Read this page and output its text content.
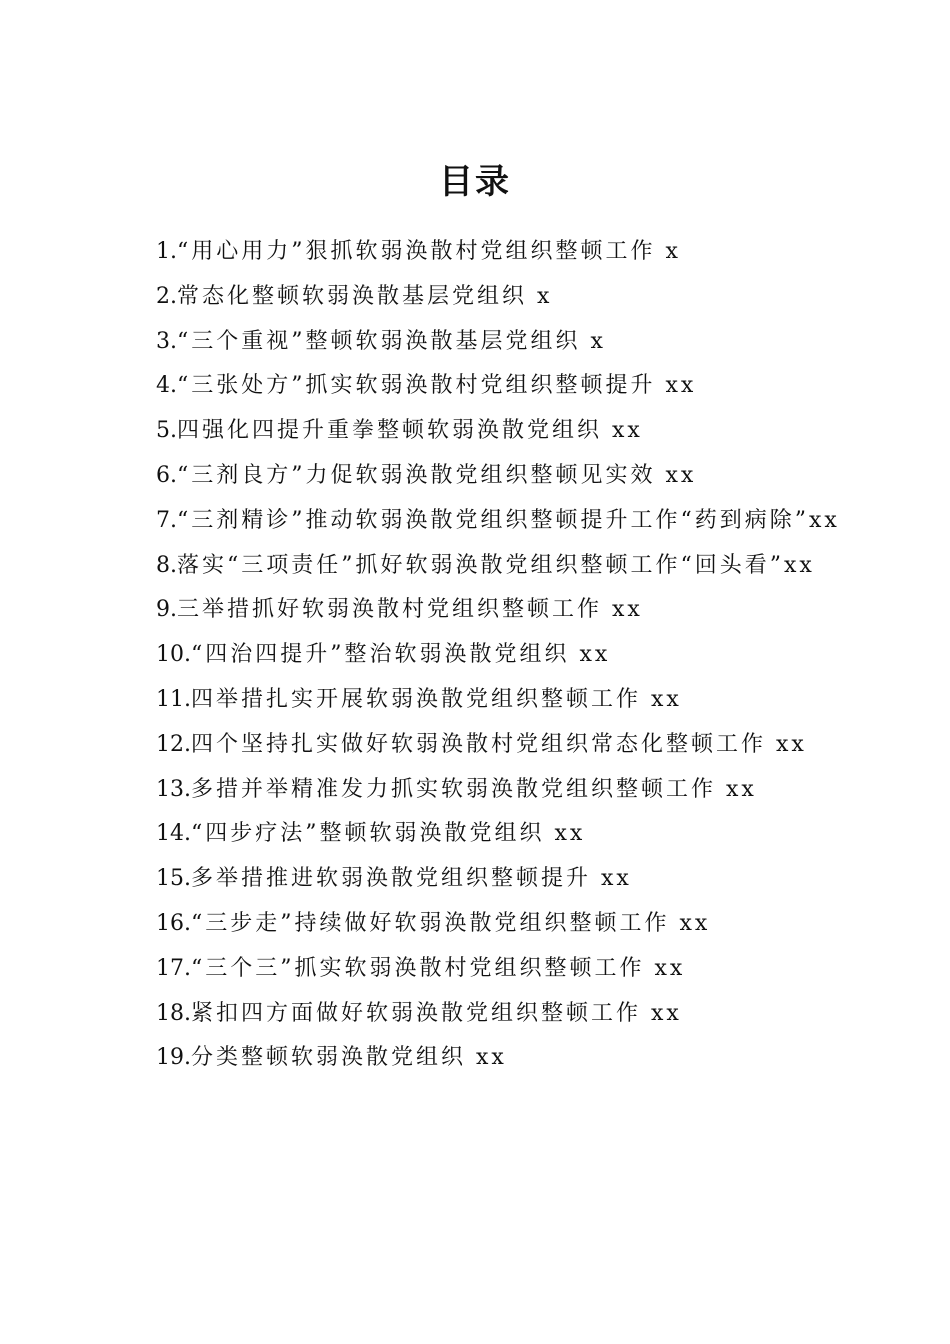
目录
1.“用心用力”狠抓软弱涣散村党组织整顿工作 x
2.常态化整顿软弱涣散基层党组织 x
3.“三个重视”整顿软弱涣散基层党组织 x
4.“三张处方”抓实软弱涣散村党组织整顿提升 xx
5.四强化四提升重拳整顿软弱涣散党组织 xx
6.“三剂良方”力促软弱涣散党组织整顿见实效 xx
7.“三剂精诊”推动软弱涣散党组织整顿提升工作“药到病除”xx
8.落实“三项责任”抓好软弱涣散党组织整顿工作“回头看”xx
9.三举措抓好软弱涣散村党组织整顿工作 xx
10.“四治四提升”整治软弱涣散党组织 xx
11.四举措扎实开展软弱涣散党组织整顿工作 xx
12.四个坚持扎实做好软弱涣散村党组织常态化整顿工作 xx
13.多措并举精准发力抓实软弱涣散党组织整顿工作 xx
14.“四步疗法”整顿软弱涣散党组织 xx
15.多举措推进软弱涣散党组织整顿提升 xx
16.“三步走”持续做好软弱涣散党组织整顿工作 xx
17.“三个三”抓实软弱涣散村党组织整顿工作 xx
18.紧扣四方面做好软弱涣散党组织整顿工作 xx
19.分类整顿软弱涣散党组织 xx
